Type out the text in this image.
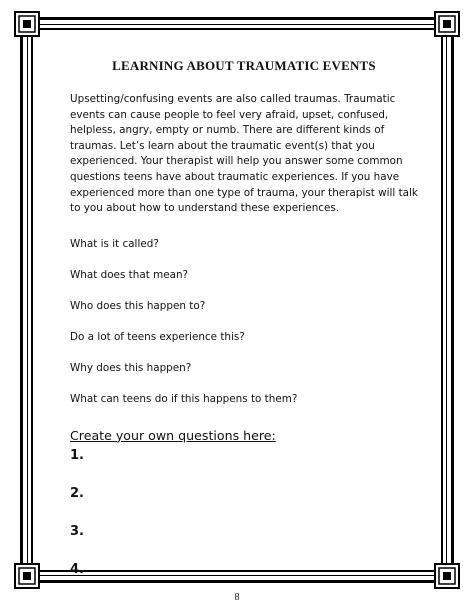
LEARNING ABOUT TRAUMATIC EVENTS

Upsetting/confusing events are also called traumas. Traumatic events can cause people to feel very afraid, upset, confused, helpless, angry, empty or numb. There are different kinds of traumas. Let’s learn about the traumatic event(s) that you experienced. Your therapist will help you answer some common questions teens have about traumatic experiences. If you have experienced more than one type of trauma, your therapist will talk to you about how to understand these experiences.

What is it called?
What does that mean?
Who does this happen to?
Do a lot of teens experience this?
Why does this happen?
What can teens do if this happens to them?
Create your own questions here:
1.
2.
3.
4.
8
